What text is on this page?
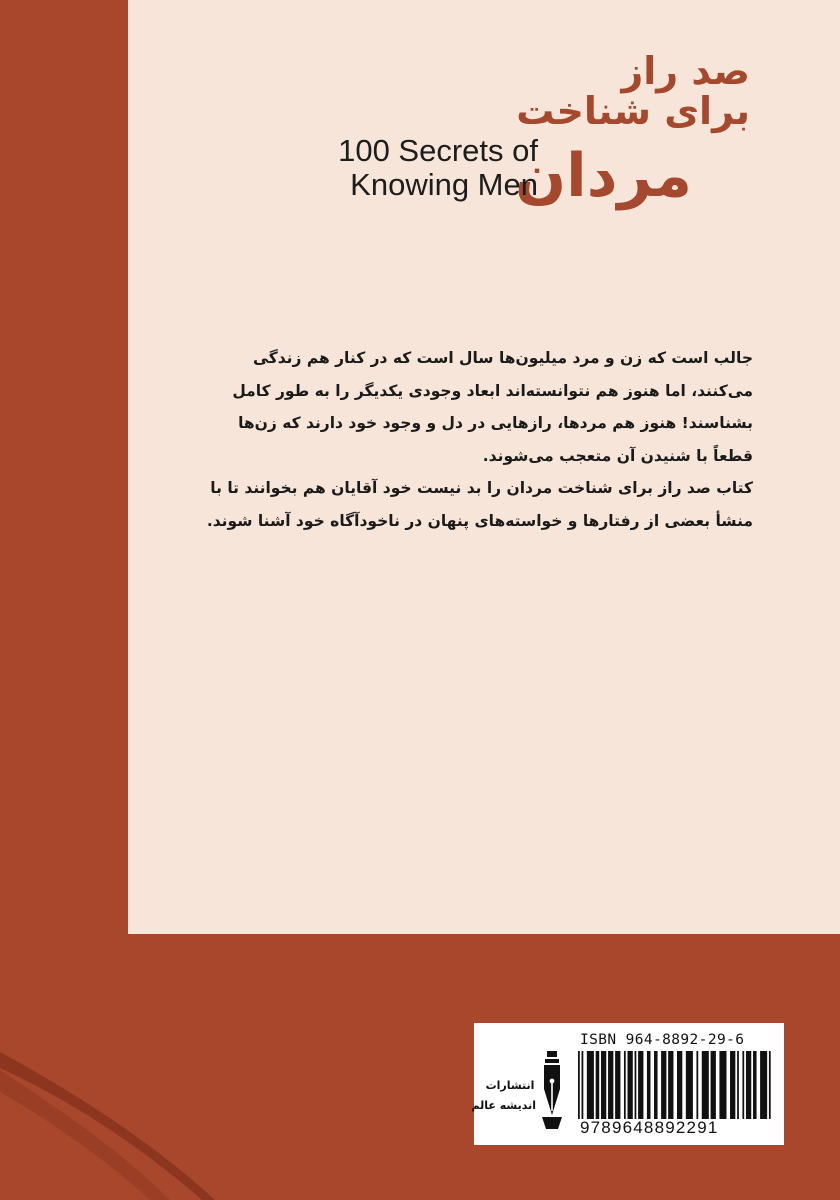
صد راز
برای شناخت
مردان
100 Secrets of
Knowing Men

جالب است که زن و مرد میلیون‌ها سال است که در کنار هم زندگی می‌کنند، اما هنوز هم نتوانسته‌اند ابعاد وجودی یکدیگر را به طور کامل بشناسند! هنوز هم مردها، رازهایی در دل و وجود خود دارند که زن‌ها قطعاً با شنیدن آن متعجب می‌شوند.

کتاب صد راز برای شناخت مردان را بد نیست خود آقایان هم بخوانند تا با منشأ بعضی از رفتارها و خواسته‌های پنهان در ناخودآگاه خود آشنا شوند.

انتشارات
اندیشه عالم
ISBN 964-8892-29-6
9789648892291
